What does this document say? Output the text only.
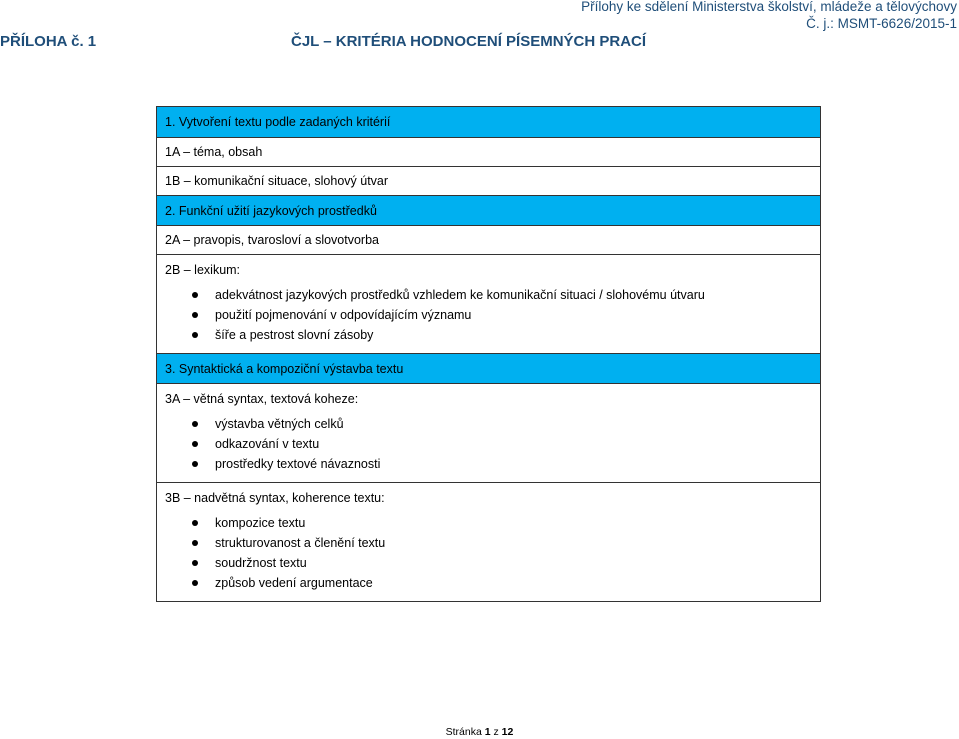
Přílohy ke sdělení Ministerstva školství, mládeže a tělovýchovy
Č. j.: MSMT-6626/2015-1
PŘÍLOHA č. 1	ČJL – KRITÉRIA HODNOCENÍ PÍSEMNÝCH PRACÍ
1. Vytvoření textu podle zadaných kritérií
1A – téma, obsah
1B – komunikační situace, slohový útvar
2. Funkční užití jazykových prostředků
2A – pravopis, tvarosloví a slovotvorba
2B – lexikum:
adekvátnost jazykových prostředků vzhledem ke komunikační situaci / slohovému útvaru
použití pojmenování v odpovídajícím významu
šíře a pestrost slovní zásoby
3. Syntaktická a kompoziční výstavba textu
3A – větná syntax, textová koheze:
výstavba větných celků
odkazování v textu
prostředky textové návaznosti
3B – nadvětná syntax, koherence textu:
kompozice textu
strukturovanost a členění textu
soudržnost textu
způsob vedení argumentace
Stránka 1 z 12
